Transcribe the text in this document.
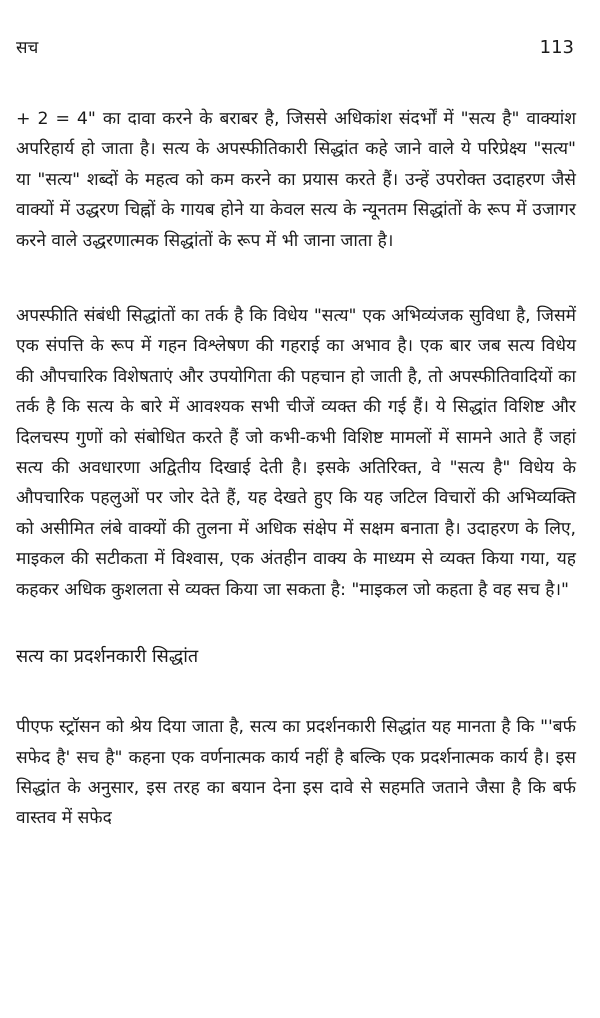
सच	113

+ 2 = 4" का दावा करने के बराबर है, जिससे अधिकांश संदर्भों में "सत्य है" वाक्यांश अपरिहार्य हो जाता है। सत्य के अपस्फीतिकारी सिद्धांत कहे जाने वाले ये परिप्रेक्ष्य "सत्य" या "सत्य" शब्दों के महत्व को कम करने का प्रयास करते हैं। उन्हें उपरोक्त उदाहरण जैसे वाक्यों में उद्धरण चिह्नों के गायब होने या केवल सत्य के न्यूनतम सिद्धांतों के रूप में उजागर करने वाले उद्धरणात्मक सिद्धांतों के रूप में भी जाना जाता है।

अपस्फीति संबंधी सिद्धांतों का तर्क है कि विधेय "सत्य" एक अभिव्यंजक सुविधा है, जिसमें एक संपत्ति के रूप में गहन विश्लेषण की गहराई का अभाव है। एक बार जब सत्य विधेय की औपचारिक विशेषताएं और उपयोगिता की पहचान हो जाती है, तो अपस्फीतिवादियों का तर्क है कि सत्य के बारे में आवश्यक सभी चीजें व्यक्त की गई हैं। ये सिद्धांत विशिष्ट और दिलचस्प गुणों को संबोधित करते हैं जो कभी-कभी विशिष्ट मामलों में सामने आते हैं जहां सत्य की अवधारणा अद्वितीय दिखाई देती है। इसके अतिरिक्त, वे "सत्य है" विधेय के औपचारिक पहलुओं पर जोर देते हैं, यह देखते हुए कि यह जटिल विचारों की अभिव्यक्ति को असीमित लंबे वाक्यों की तुलना में अधिक संक्षेप में सक्षम बनाता है। उदाहरण के लिए, माइकल की सटीकता में विश्वास, एक अंतहीन वाक्य के माध्यम से व्यक्त किया गया, यह कहकर अधिक कुशलता से व्यक्त किया जा सकता है: "माइकल जो कहता है वह सच है।"

सत्य का प्रदर्शनकारी सिद्धांत

पीएफ स्ट्रॉसन को श्रेय दिया जाता है, सत्य का प्रदर्शनकारी सिद्धांत यह मानता है कि "'बर्फ सफेद है' सच है" कहना एक वर्णनात्मक कार्य नहीं है बल्कि एक प्रदर्शनात्मक कार्य है। इस सिद्धांत के अनुसार, इस तरह का बयान देना इस दावे से सहमति जताने जैसा है कि बर्फ वास्तव में सफेद
